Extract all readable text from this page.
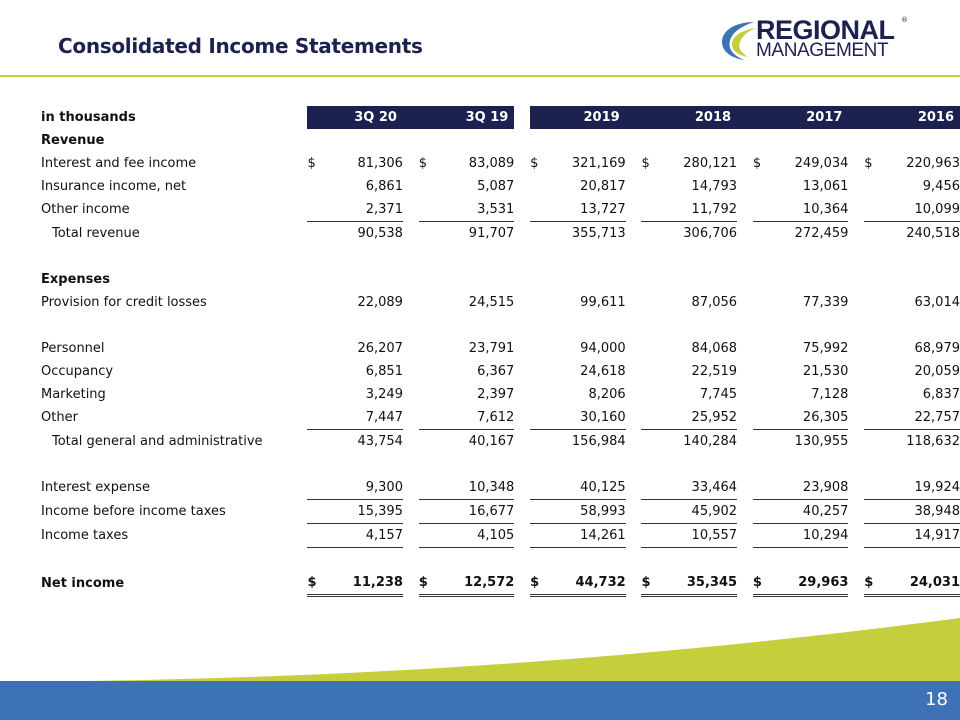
Consolidated Income Statements
REGIONAL ®
MANAGEMENT
in thousands	3Q 20			3Q 19			2019			2018			2017			2016	
Revenue																	
Interest and fee income	$	81,306		$	83,089		$	321,169		$	280,121		$	249,034		$	220,963
Insurance income, net		6,861			5,087			20,817			14,793			13,061			9,456
Other income		2,371			3,531			13,727			11,792			10,364			10,099
Total revenue		90,538			91,707			355,713			306,706			272,459			240,518

Expenses																	
Provision for credit losses		22,089			24,515			99,611			87,056			77,339			63,014

Personnel		26,207			23,791			94,000			84,068			75,992			68,979
Occupancy		6,851			6,367			24,618			22,519			21,530			20,059
Marketing		3,249			2,397			8,206			7,745			7,128			6,837
Other		7,447			7,612			30,160			25,952			26,305			22,757
Total general and administrative		43,754			40,167			156,984			140,284			130,955			118,632

Interest expense		9,300			10,348			40,125			33,464			23,908			19,924
Income before income taxes		15,395			16,677			58,993			45,902			40,257			38,948
Income taxes		4,157			4,105			14,261			10,557			10,294			14,917

Net income	$	11,238		$	12,572		$	44,732		$	35,345		$	29,963		$	24,031
18
